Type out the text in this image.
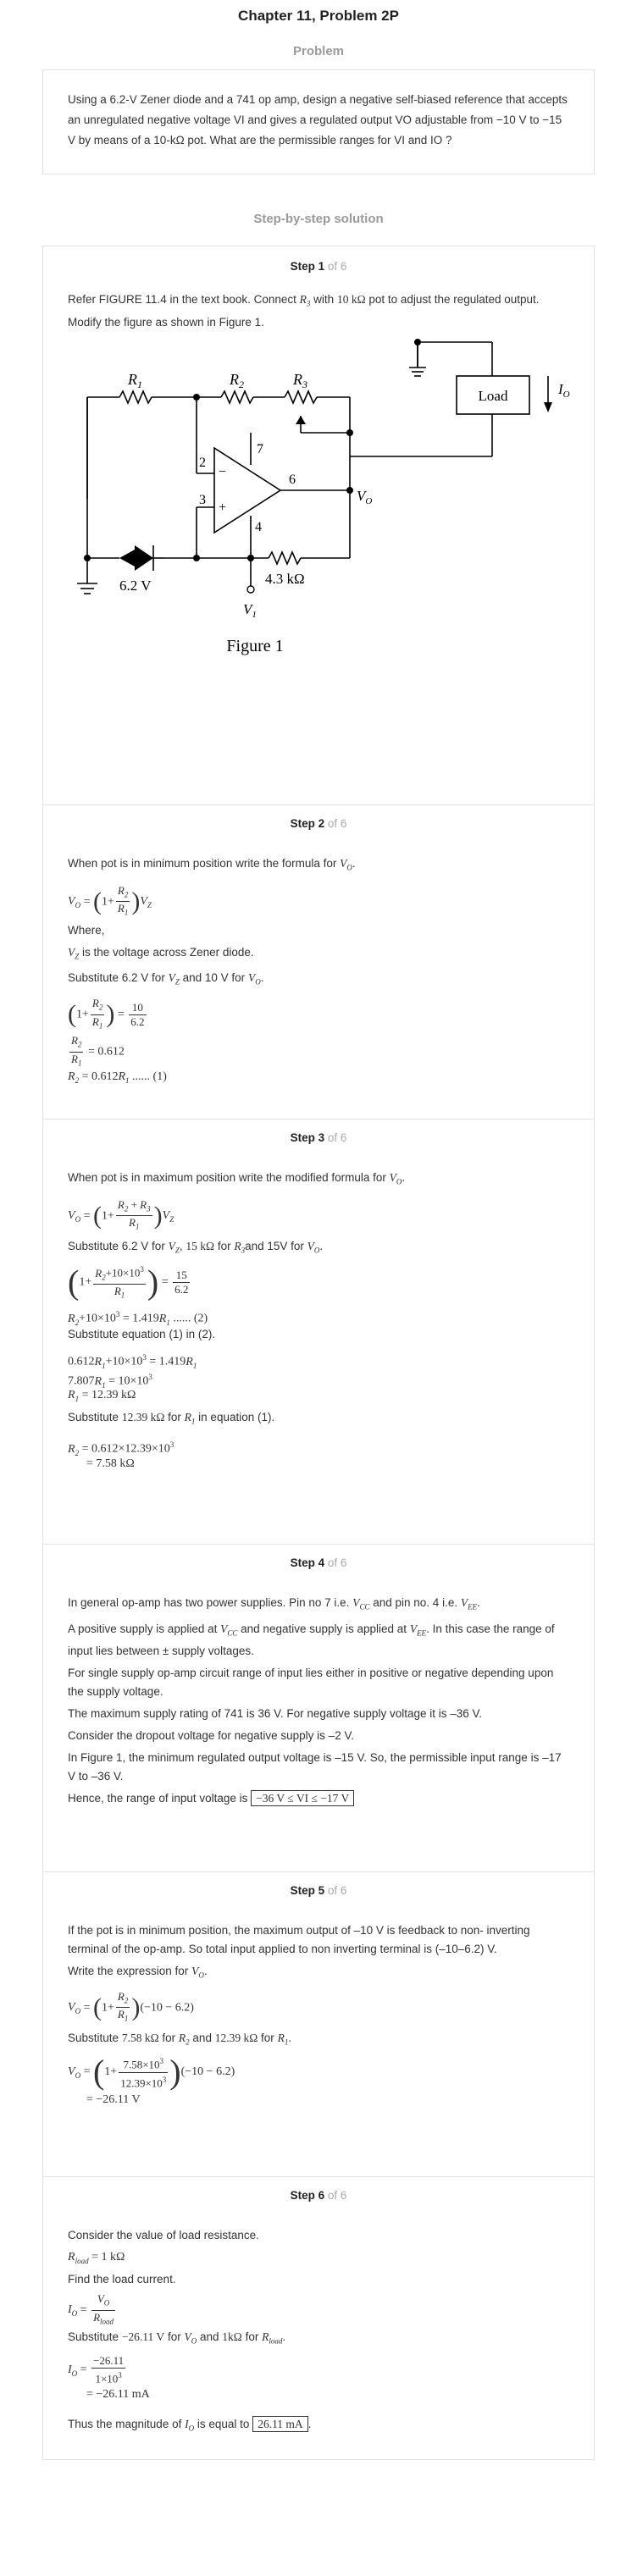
Chapter 11, Problem 2P
Problem

Using a 6.2-V Zener diode and a 741 op amp, design a negative self-biased reference that accepts an unregulated negative voltage VI and gives a regulated output VO adjustable from −10 V to −15 V by means of a 10-kΩ pot. What are the permissible ranges for VI and IO ?

Step-by-step solution
Step 1 of 6

Refer FIGURE 11.4 in the text book. Connect $R_3$ with 10 kΩ pot to adjust the regulated output. Modify the figure as shown in Figure 1.

Load	$I_O$
$R_1$	$R_2$	$R_3$
2
3
4
6
7
−
+
$V_O$
6.2 V	4.3 kΩ
$V_1$
Figure 1
Step 2 of 6

When pot is in minimum position write the formula for $V_O$.

$V_O = (1+ \frac{R_2}{R_1} )V_Z$

Where,

$V_Z$ is the voltage across Zener diode.

Substitute 6.2 V for $V_Z$ and 10 V for $V_O$.

($1+ \frac{R_2}{R_1}$ ) = $\frac{10}{6.2}$
$\frac{R_2}{R_1} = 0.612$
$R_2 = 0.612R_1$ ...... (1)
Step 3 of 6

When pot is in maximum position write the modified formula for $V_O$.

$V_O = (1+ \frac{R_2 + R_3}{R_1} )V_Z$

Substitute 6.2 V for $V_Z$, 15 kΩ for $R_3and$ 15V for $V_O$.

($1+ \frac{R_2+10\times 10^3}{R_1}$ ) = $\frac{15}{6.2}$
$R_2+10\times 10^3 = 1.419R_1$ ...... (2)

Substitute equation (1) in (2).

$0.612R_1+10\times 10^3 = 1.419R_1$
$7.807R_1 = 10\times 10^3$
$R_1 = 12.39$ kΩ

Substitute 12.39 kΩ for $R_1$ in equation (1).

$R_2 = 0.612\times 12.39\times 10^3$
= 7.58 kΩ
Step 4 of 6

In general op-amp has two power supplies. Pin no 7 i.e. $V_{CC}$ and pin no. 4 i.e. $V_{EE}$.

A positive supply is applied at $V_{CC}$ and negative supply is applied at $V_{EE}$. In this case the range of input lies between ± supply voltages.

For single supply op-amp circuit range of input lies either in positive or negative depending upon the supply voltage.

The maximum supply rating of 741 is 36 V. For negative supply voltage it is –36 V.

Consider the dropout voltage for negative supply is –2 V.

In Figure 1, the minimum regulated output voltage is –15 V. So, the permissible input range is –17 V to –36 V.

Hence, the range of input voltage is −36 V ≤ VI ≤ −17 V

Step 5 of 6

If the pot is in minimum position, the maximum output of –10 V is feedback to non- inverting terminal of the op-amp. So total input applied to non inverting terminal is (–10–6.2) V.

Write the expression for $V_O$.

$V_O = (1+ \frac{R_2}{R_1} )(-10 - 6.2)$

Substitute 7.58 kΩ for $R_2$ and 12.39 kΩ for $R_1$.

$V_O = (1+ \frac{7.58\times 10^3}{12.39\times 10^3} )(-10 - 6.2)$
= −26.11 V
Step 6 of 6

Consider the value of load resistance.

$R_{load} = 1$ kΩ

Find the load current.

$I_O = \frac{V_O}{R_{load}}$

Substitute −26.11 V for $V_O$ and 1kΩ for $R_{load}$.

$I_O = \frac{-26.11}{1\times 10^3}$
= −26.11 mA

Thus the magnitude of $I_O$ is equal to 26.11 mA .
